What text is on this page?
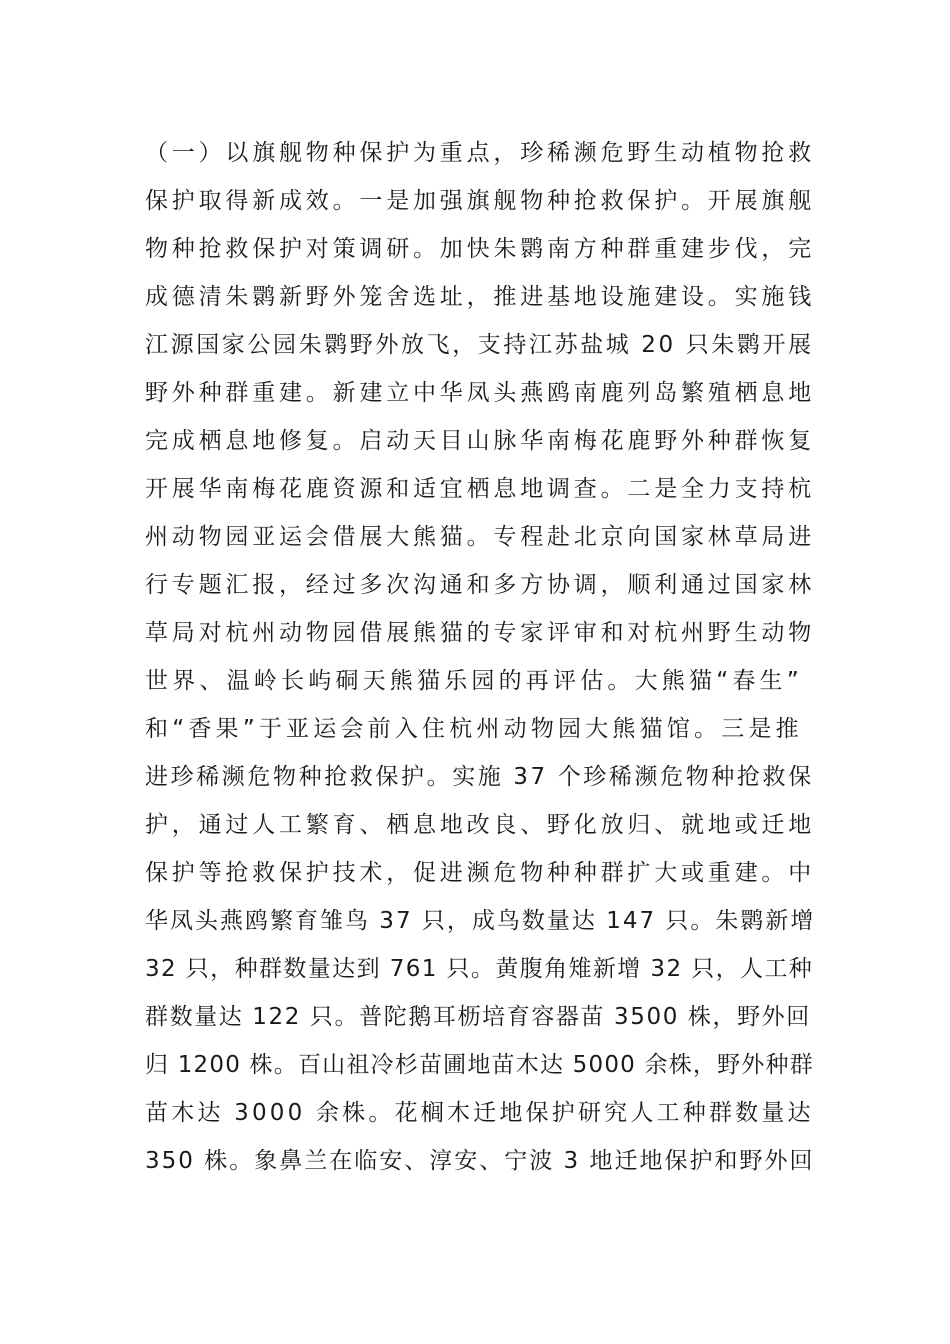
（一）以旗舰物种保护为重点，珍稀濒危野生动植物抢救
保护取得新成效。一是加强旗舰物种抢救保护。开展旗舰
物种抢救保护对策调研。加快朱鹮南方种群重建步伐，完
成德清朱鹮新野外笼舍选址，推进基地设施建设。实施钱
江源国家公园朱鹮野外放飞，支持江苏盐城 20 只朱鹮开展
野外种群重建。新建立中华凤头燕鸥南鹿列岛繁殖栖息地
完成栖息地修复。启动天目山脉华南梅花鹿野外种群恢复
开展华南梅花鹿资源和适宜栖息地调查。二是全力支持杭
州动物园亚运会借展大熊猫。专程赴北京向国家林草局进
行专题汇报，经过多次沟通和多方协调，顺利通过国家林
草局对杭州动物园借展熊猫的专家评审和对杭州野生动物
世界、温岭长屿硐天熊猫乐园的再评估。大熊猫“春生”
和“香果”于亚运会前入住杭州动物园大熊猫馆。三是推
进珍稀濒危物种抢救保护。实施 37 个珍稀濒危物种抢救保
护，通过人工繁育、栖息地改良、野化放归、就地或迁地
保护等抢救保护技术，促进濒危物种种群扩大或重建。中
华凤头燕鸥繁育雏鸟 37 只，成鸟数量达 147 只。朱鹮新增
32 只，种群数量达到 761 只。黄腹角雉新增 32 只，人工种
群数量达 122 只。普陀鹅耳枥培育容器苗 3500 株，野外回
归 1200 株。百山祖冷杉苗圃地苗木达 5000 余株，野外种群
苗木达 3000 余株。花榈木迁地保护研究人工种群数量达
350 株。象鼻兰在临安、淳安、宁波 3 地迁地保护和野外回
